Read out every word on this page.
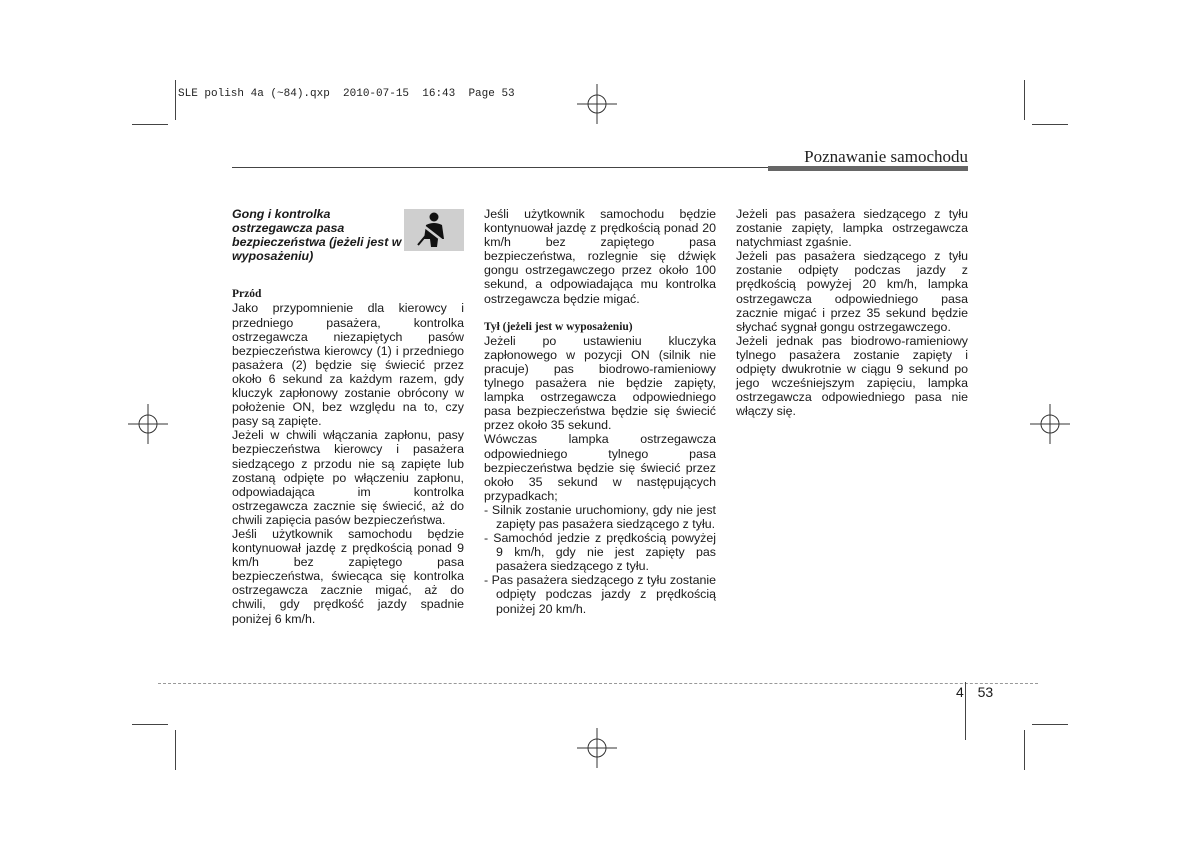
SLE polish 4a (~84).qxp  2010-07-15  16:43  Page 53
Poznawanie samochodu

Gong i kontrolka ostrzegawcza pasa bezpieczeństwa (jeżeli jest w wyposażeniu)

Przód

Jako przypomnienie dla kierowcy i przedniego pasażera, kontrolka ostrzegawcza niezapiętych pasów bezpieczeństwa kierowcy (1) i przedniego pasażera (2) będzie się świecić przez około 6 sekund za każdym razem, gdy kluczyk zapłonowy zostanie obrócony w położenie ON, bez względu na to, czy pasy są zapięte.

Jeżeli w chwili włączania zapłonu, pasy bezpieczeństwa kierowcy i pasażera siedzącego z przodu nie są zapięte lub zostaną odpięte po włączeniu zapłonu, odpowiadająca im kontrolka ostrzegawcza zacznie się świecić, aż do chwili zapięcia pasów bezpieczeństwa.

Jeśli użytkownik samochodu będzie kontynuował jazdę z prędkością ponad 9 km/h bez zapiętego pasa bezpieczeństwa, świecąca się kontrolka ostrzegawcza zacznie migać, aż do chwili, gdy prędkość jazdy spadnie poniżej 6 km/h.

Jeśli użytkownik samochodu będzie kontynuował jazdę z prędkością ponad 20 km/h bez zapiętego pasa bezpieczeństwa, rozlegnie się dźwięk gongu ostrzegawczego przez około 100 sekund, a odpowiadająca mu kontrolka ostrzegawcza będzie migać.

Tył (jeżeli jest w wyposażeniu)

Jeżeli po ustawieniu kluczyka zapłonowego w pozycji ON (silnik nie pracuje) pas biodrowo-ramieniowy tylnego pasażera nie będzie zapięty, lampka ostrzegawcza odpowiedniego pasa bezpieczeństwa będzie się świecić przez około 35 sekund.

Wówczas lampka ostrzegawcza odpowiedniego tylnego pasa bezpieczeństwa będzie się świecić przez około 35 sekund w następujących przypadkach;

- Silnik zostanie uruchomiony, gdy nie jest zapięty pas pasażera siedzącego z tyłu.

- Samochód jedzie z prędkością powyżej 9 km/h, gdy nie jest zapięty pas pasażera siedzącego z tyłu.

- Pas pasażera siedzącego z tyłu zostanie odpięty podczas jazdy z prędkością poniżej 20 km/h.

Jeżeli pas pasażera siedzącego z tyłu zostanie zapięty, lampka ostrzegawcza natychmiast zgaśnie.

Jeżeli pas pasażera siedzącego z tyłu zostanie odpięty podczas jazdy z prędkością powyżej 20 km/h, lampka ostrzegawcza odpowiedniego pasa zacznie migać i przez 35 sekund będzie słychać sygnał gongu ostrzegawczego.

Jeżeli jednak pas biodrowo-ramieniowy tylnego pasażera zostanie zapięty i odpięty dwukrotnie w ciągu 9 sekund po jego wcześniejszym zapięciu, lampka ostrzegawcza odpowiedniego pasa nie włączy się.

4 53
